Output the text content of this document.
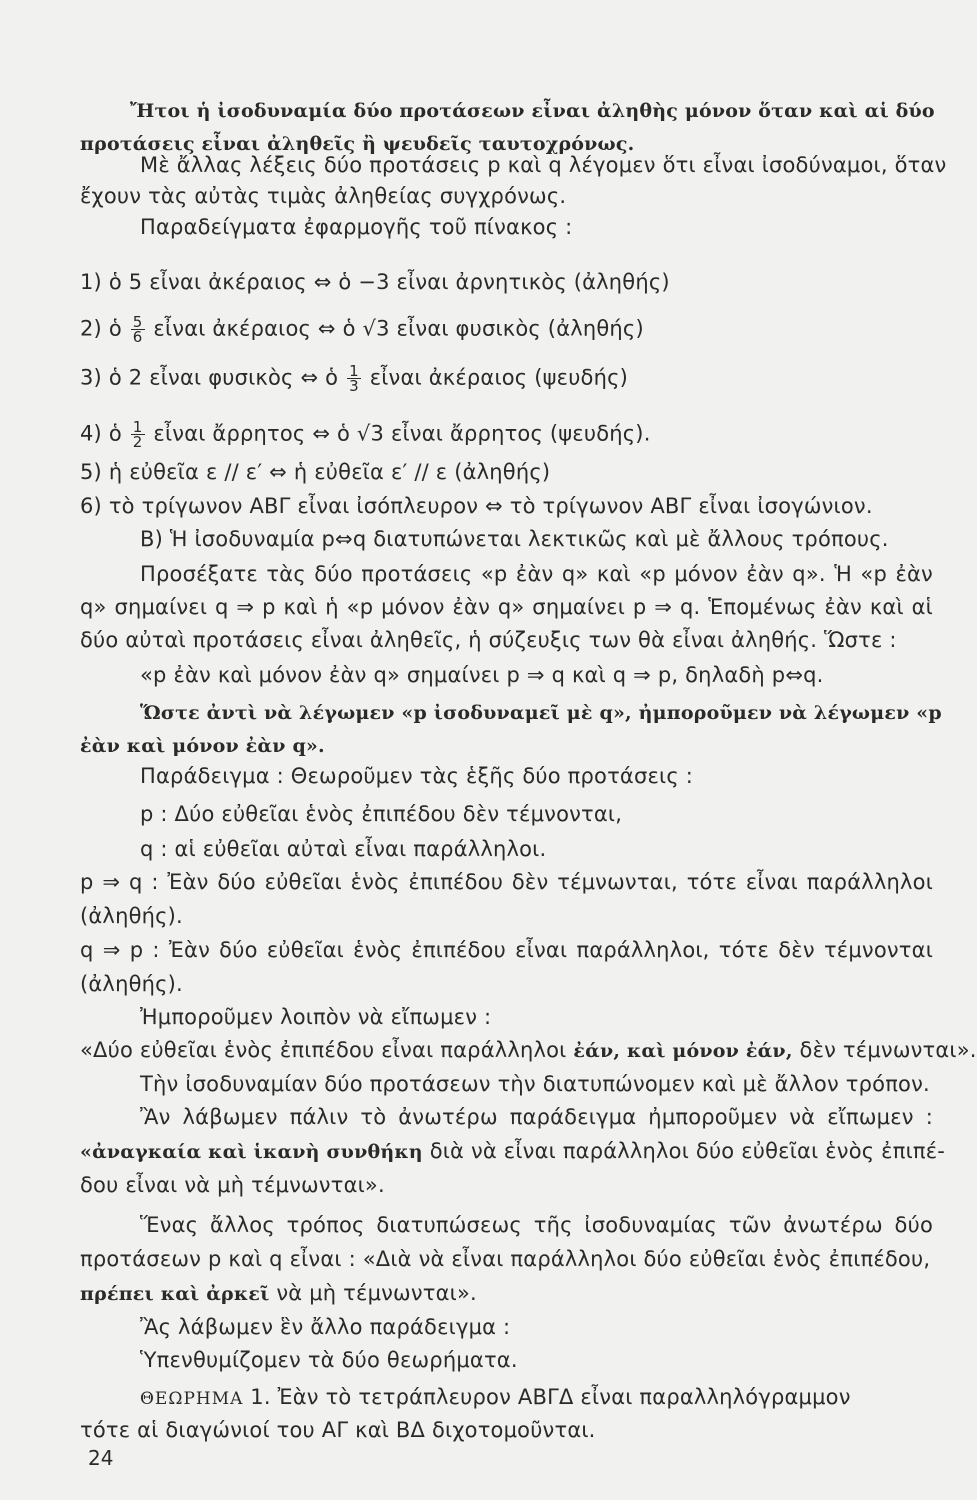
Ἤτοι ἡ ἰσοδυναμία δύο προτάσεων εἶναι ἀληθὴς μόνον ὅταν καὶ αἱ δύο
προτάσεις εἶναι ἀληθεῖς ἢ ψευδεῖς ταυτοχρόνως.
Μὲ ἄλλας λέξεις δύο προτάσεις p καὶ q λέγομεν ὅτι εἶναι ἰσοδύναμοι, ὅταν
ἔχουν τὰς αὐτὰς τιμὰς ἀληθείας συγχρόνως.
Παραδείγματα ἐφαρμογῆς τοῦ πίνακος :
1) ὁ 5 εἶναι ἀκέραιος ⇔ ὁ −3 εἶναι ἀρνητικὸς (ἀληθής)
2) ὁ $\frac{5}{6}$ εἶναι ἀκέραιος ⇔ ὁ √3 εἶναι φυσικὸς (ἀληθής)
3) ὁ 2 εἶναι φυσικὸς ⇔ ὁ $\frac{1}{3}$ εἶναι ἀκέραιος (ψευδής)
4) ὁ $\frac{1}{2}$ εἶναι ἄρρητος ⇔ ὁ √3 εἶναι ἄρρητος (ψευδής).
5) ἡ εὐθεῖα ε // ε′ ⇔ ἡ εὐθεῖα ε′ // ε (ἀληθής)
6) τὸ τρίγωνον ΑΒΓ εἶναι ἰσόπλευρον ⇔ τὸ τρίγωνον ΑΒΓ εἶναι ἰσογώνιον.
Β) Ἡ ἰσοδυναμία p⇔q διατυπώνεται λεκτικῶς καὶ μὲ ἄλλους τρόπους.
Προσέξατε τὰς δύο προτάσεις «p ἐὰν q» καὶ «p μόνον ἐὰν q». Ἡ «p ἐὰν
q» σημαίνει q ⇒ p καὶ ἡ «p μόνον ἐὰν q» σημαίνει p ⇒ q. Ἑπομένως ἐὰν καὶ αἱ
δύο αὐταὶ προτάσεις εἶναι ἀληθεῖς, ἡ σύζευξις των θὰ εἶναι ἀληθής. Ὥστε :
«p ἐὰν καὶ μόνον ἐὰν q» σημαίνει p ⇒ q καὶ q ⇒ p, δηλαδὴ p⇔q.
Ὥστε ἀντὶ νὰ λέγωμεν «p ἰσοδυναμεῖ μὲ q», ἠμποροῦμεν νὰ λέγωμεν «p
ἐὰν καὶ μόνον ἐὰν q».
Παράδειγμα : Θεωροῦμεν τὰς ἑξῆς δύο προτάσεις :
p : Δύο εὐθεῖαι ἑνὸς ἐπιπέδου δὲν τέμνονται,
q : αἱ εὐθεῖαι αὐταὶ εἶναι παράλληλοι.
p ⇒ q : Ἐὰν δύο εὐθεῖαι ἑνὸς ἐπιπέδου δὲν τέμνωνται, τότε εἶναι παράλληλοι
(ἀληθής).
q ⇒ p : Ἐὰν δύο εὐθεῖαι ἑνὸς ἐπιπέδου εἶναι παράλληλοι, τότε δὲν τέμνονται
(ἀληθής).
Ἠμποροῦμεν λοιπὸν νὰ εἴπωμεν :
«Δύο εὐθεῖαι ἑνὸς ἐπιπέδου εἶναι παράλληλοι ἐάν, καὶ μόνον ἐάν, δὲν τέμνωνται».
Τὴν ἰσοδυναμίαν δύο προτάσεων τὴν διατυπώνομεν καὶ μὲ ἄλλον τρόπον.
Ἂν λάβωμεν πάλιν τὸ ἀνωτέρω παράδειγμα ἠμποροῦμεν νὰ εἴπωμεν :
«ἀναγκαία καὶ ἱκανὴ συνθήκη διὰ νὰ εἶναι παράλληλοι δύο εὐθεῖαι ἑνὸς ἐπιπέ-
δου εἶναι νὰ μὴ τέμνωνται».
Ἕνας ἄλλος τρόπος διατυπώσεως τῆς ἰσοδυναμίας τῶν ἀνωτέρω δύο
προτάσεων p καὶ q εἶναι : «Διὰ νὰ εἶναι παράλληλοι δύο εὐθεῖαι ἑνὸς ἐπιπέδου,
πρέπει καὶ ἀρκεῖ νὰ μὴ τέμνωνται».
Ἂς λάβωμεν ἓν ἄλλο παράδειγμα :
Ὑπενθυμίζομεν τὰ δύο θεωρήματα.
ΘΕΩΡΗΜΑ 1. Ἐὰν τὸ τετράπλευρον ΑΒΓΔ εἶναι παραλληλόγραμμον
τότε αἱ διαγώνιοί του ΑΓ καὶ ΒΔ διχοτομοῦνται.
24
